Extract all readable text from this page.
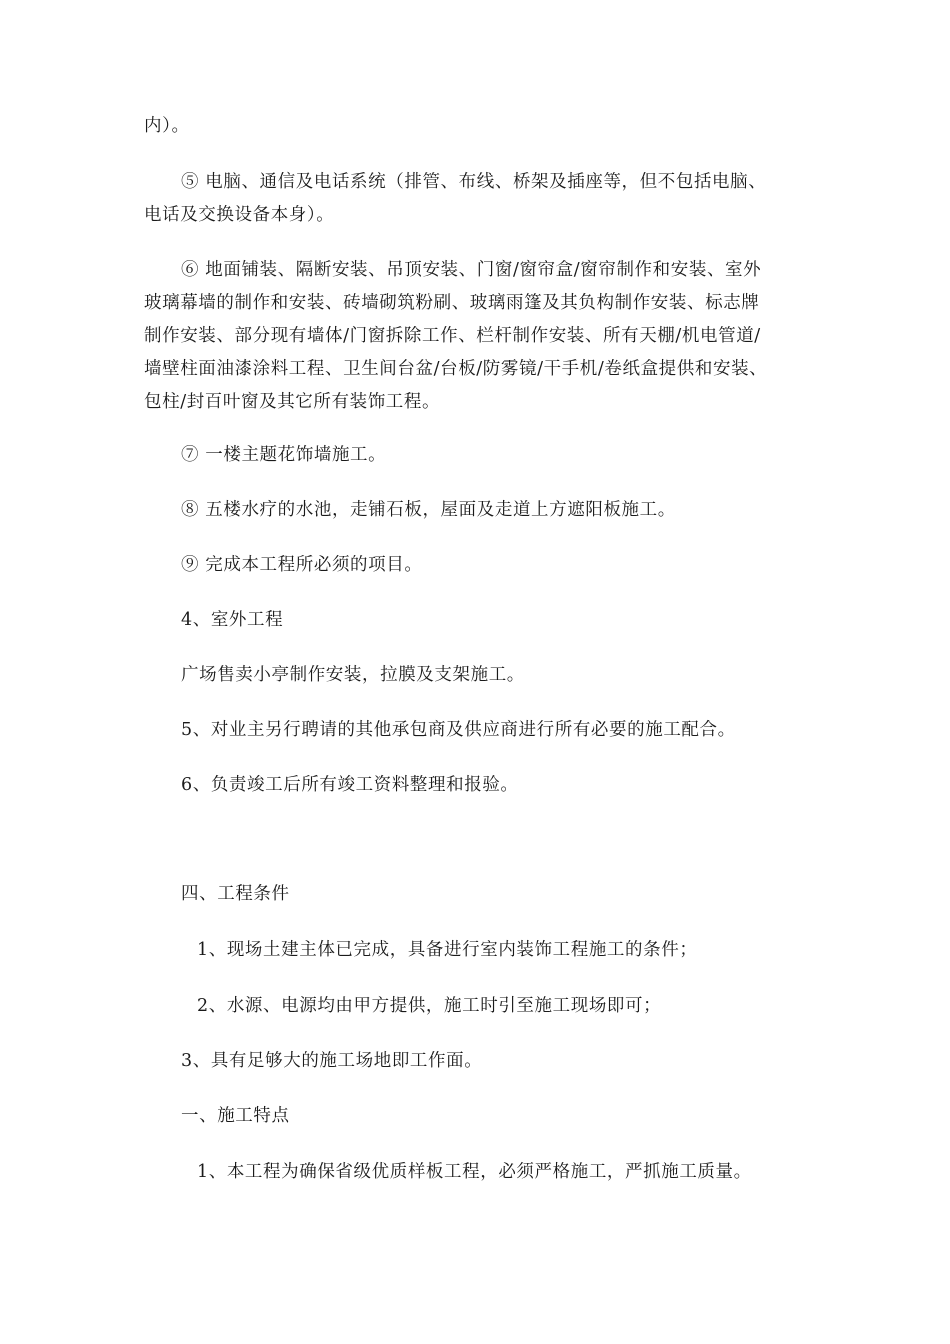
内）。
⑤ 电脑、通信及电话系统（排管、布线、桥架及插座等，但不包括电脑、
电话及交换设备本身）。
⑥ 地面铺装、隔断安装、吊顶安装、门窗/窗帘盒/窗帘制作和安装、室外
玻璃幕墙的制作和安装、砖墙砌筑粉刷、玻璃雨篷及其负构制作安装、标志牌
制作安装、部分现有墙体/门窗拆除工作、栏杆制作安装、所有天棚/机电管道/
墙壁柱面油漆涂料工程、卫生间台盆/台板/防雾镜/干手机/卷纸盒提供和安装、
包柱/封百叶窗及其它所有装饰工程。
⑦ 一楼主题花饰墙施工。
⑧ 五楼水疗的水池，走铺石板，屋面及走道上方遮阳板施工。
⑨ 完成本工程所必须的项目。
4、室外工程
广场售卖小亭制作安装，拉膜及支架施工。
5、对业主另行聘请的其他承包商及供应商进行所有必要的施工配合。
6、负责竣工后所有竣工资料整理和报验。
四、工程条件
1、现场土建主体已完成，具备进行室内装饰工程施工的条件；
2、水源、电源均由甲方提供，施工时引至施工现场即可；
3、具有足够大的施工场地即工作面。
一、施工特点
1、本工程为确保省级优质样板工程，必须严格施工，严抓施工质量。
